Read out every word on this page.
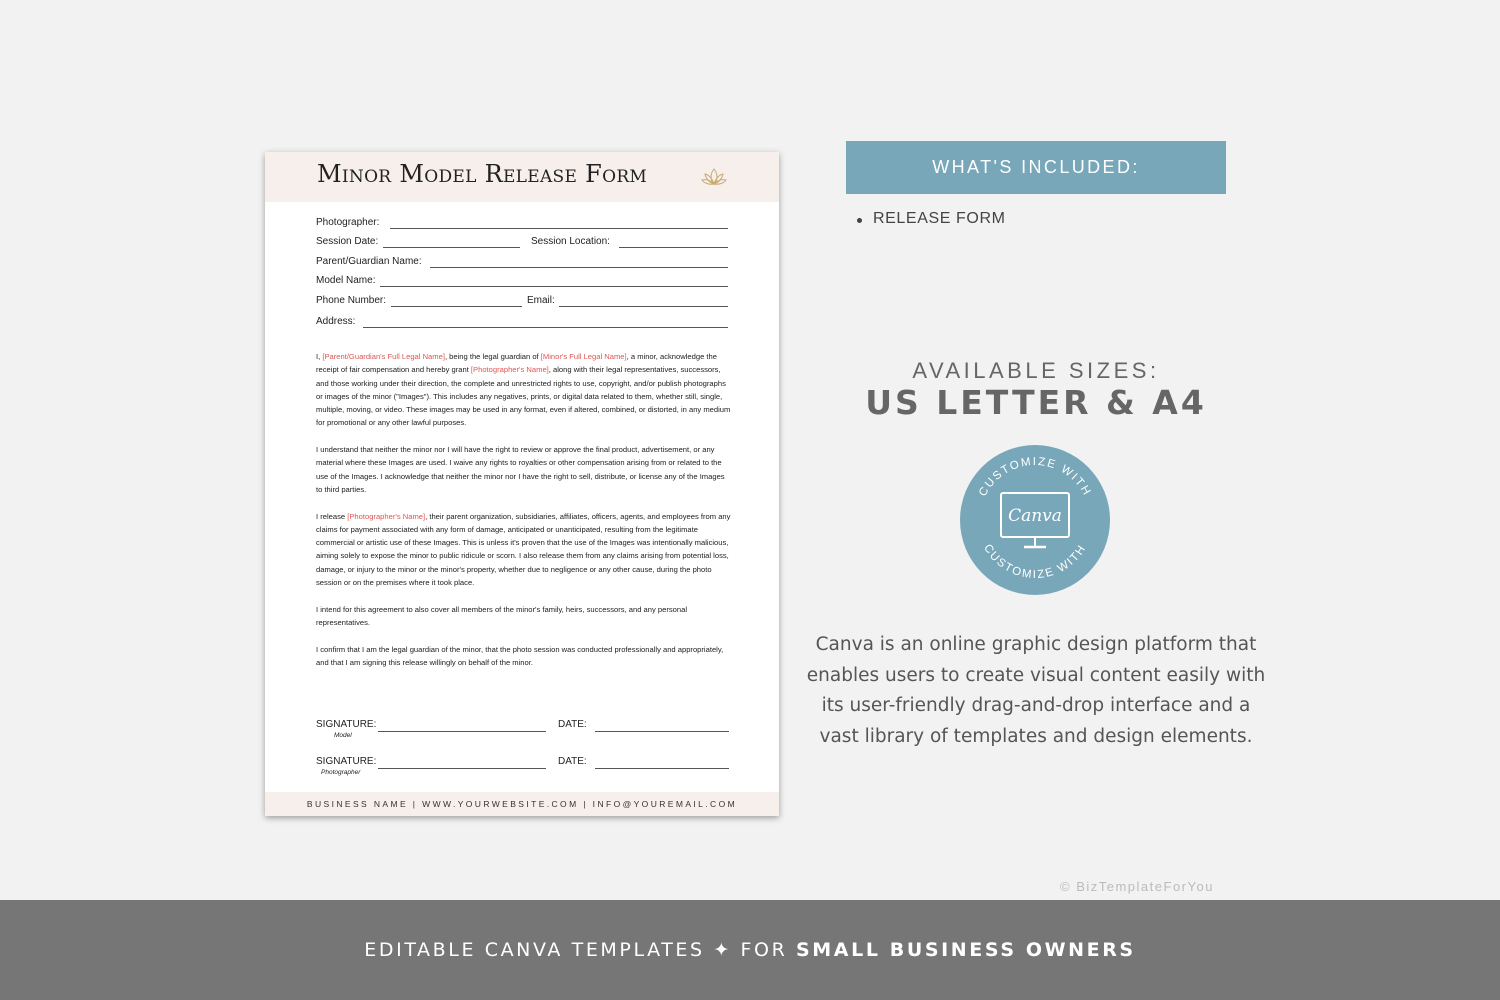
Minor Model Release Form
Photographer:
Session Date:	Session Location:
Parent/Guardian Name:
Model Name:
Phone Number:	Email:
Address:

I, [Parent/Guardian's Full Legal Name], being the legal guardian of [Minor's Full Legal Name], a minor, acknowledge the receipt of fair compensation and hereby grant [Photographer's Name], along with their legal representatives, successors, and those working under their direction, the complete and unrestricted rights to use, copyright, and/or publish photographs or images of the minor ("Images"). This includes any negatives, prints, or digital data related to them, whether still, single, multiple, moving, or video. These images may be used in any format, even if altered, combined, or distorted, in any medium for promotional or any other lawful purposes.

I understand that neither the minor nor I will have the right to review or approve the final product, advertisement, or any material where these Images are used. I waive any rights to royalties or other compensation arising from or related to the use of the Images. I acknowledge that neither the minor nor I have the right to sell, distribute, or license any of the Images to third parties.

I release [Photographer's Name], their parent organization, subsidiaries, affiliates, officers, agents, and employees from any claims for payment associated with any form of damage, anticipated or unanticipated, resulting from the legitimate commercial or artistic use of these Images. This is unless it's proven that the use of the Images was intentionally malicious, aiming solely to expose the minor to public ridicule or scorn. I also release them from any claims arising from potential loss, damage, or injury to the minor or the minor's property, whether due to negligence or any other cause, during the photo session or on the premises where it took place.

I intend for this agreement to also cover all members of the minor's family, heirs, successors, and any personal representatives.

I confirm that I am the legal guardian of the minor, that the photo session was conducted professionally and appropriately, and that I am signing this release willingly on behalf of the minor.

SIGNATURE:
Model
DATE:
SIGNATURE:
Photographer
DATE:
BUSINESS NAME | WWW.YOURWEBSITE.COM | INFO@YOUREMAIL.COM
WHAT'S INCLUDED:
RELEASE FORM
AVAILABLE SIZES:
US LETTER & A4
CUSTOMIZE WITH
CUSTOMIZE WITH
Canva
Canva is an online graphic design platform that enables users to create visual content easily with its user-friendly drag-and-drop interface and a vast library of templates and design elements.
© BizTemplateForYou
EDITABLE CANVA TEMPLATES ✦ FOR SMALL BUSINESS OWNERS
